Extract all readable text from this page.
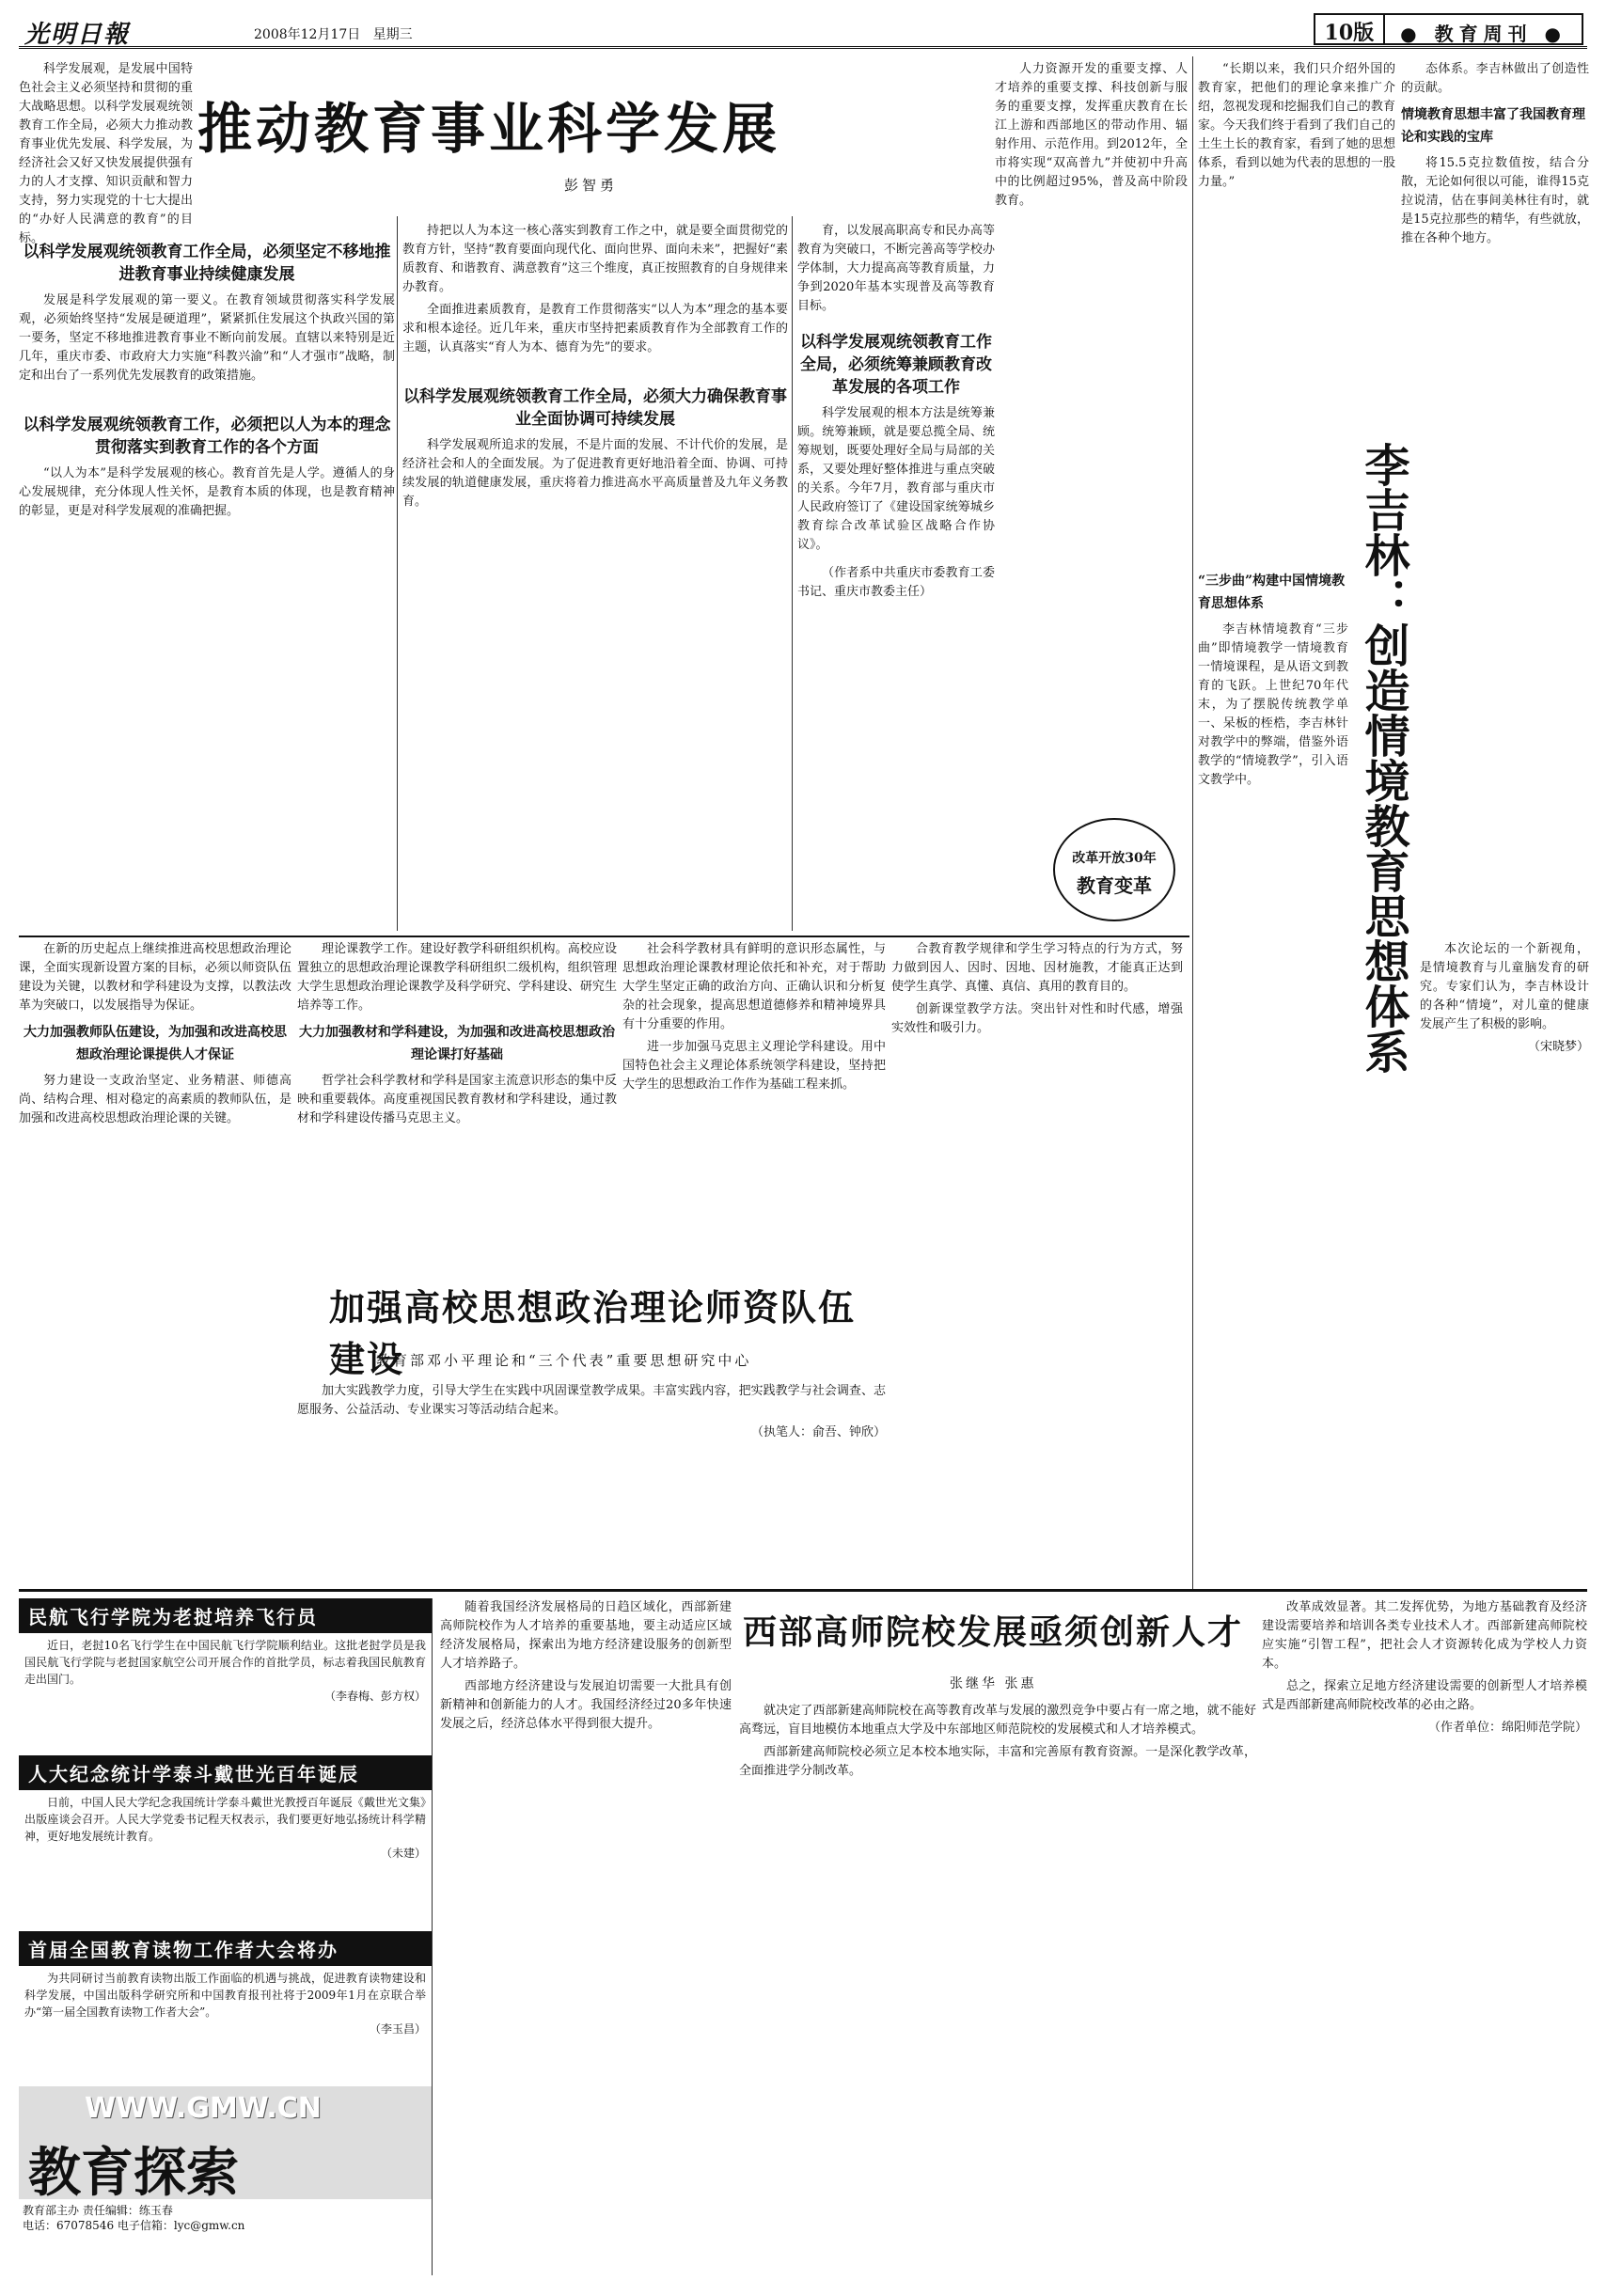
光明日報	2008年12月17日 星期三	10版	● 教育周刊 ●
推动教育事业科学发展
彭智勇

科学发展观，是发展中国特色社会主义必须坚持和贯彻的重大战略思想。以科学发展观统领教育工作全局，必须大力推动教育事业优先发展、科学发展，为经济社会又好又快发展提供强有力的人才支撑、知识贡献和智力支持，努力实现党的十七大提出的“办好人民满意的教育”的目标。

以科学发展观统领教育工作全局，必须坚定不移地推进教育事业持续健康发展

发展是科学发展观的第一要义。在教育领域贯彻落实科学发展观，必须始终坚持“发展是硬道理”，紧紧抓住发展这个执政兴国的第一要务，坚定不移地推进教育事业不断向前发展。直辖以来特别是近几年，重庆市委、市政府大力实施“科教兴渝”和“人才强市”战略，制定和出台了一系列优先发展教育的政策措施。

以科学发展观统领教育工作，必须把以人为本的理念贯彻落实到教育工作的各个方面

“以人为本”是科学发展观的核心。教育首先是人学。遵循人的身心发展规律，充分体现人性关怀，是教育本质的体现，也是教育精神的彰显，更是对科学发展观的准确把握。

持把以人为本这一核心落实到教育工作之中，就是要全面贯彻党的教育方针，坚持“教育要面向现代化、面向世界、面向未来”，把握好“素质教育、和谐教育、满意教育”这三个维度，真正按照教育的自身规律来办教育。

全面推进素质教育，是教育工作贯彻落实“以人为本”理念的基本要求和根本途径。近几年来，重庆市坚持把素质教育作为全部教育工作的主题，认真落实“育人为本、德育为先”的要求。

以科学发展观统领教育工作全局，必须大力确保教育事业全面协调可持续发展

科学发展观所追求的发展，不是片面的发展、不计代价的发展，是经济社会和人的全面发展。为了促进教育更好地沿着全面、协调、可持续发展的轨道健康发展，重庆将着力推进高水平高质量普及九年义务教育。

育，以发展高职高专和民办高等教育为突破口，不断完善高等学校办学体制，大力提高高等教育质量，力争到2020年基本实现普及高等教育目标。

以科学发展观统领教育工作全局，必须统筹兼顾教育改革发展的各项工作

科学发展观的根本方法是统筹兼顾。统筹兼顾，就是要总揽全局、统筹规划，既要处理好全局与局部的关系，又要处理好整体推进与重点突破的关系。今年7月，教育部与重庆市人民政府签订了《建设国家统筹城乡教育综合改革试验区战略合作协议》。

（作者系中共重庆市委教育工委书记、重庆市教委主任）

人力资源开发的重要支撑、人才培养的重要支撑、科技创新与服务的重要支撑，发挥重庆教育在长江上游和西部地区的带动作用、辐射作用、示范作用。到2012年，全市将实现“双高普九”并使初中升高中的比例超过95%，普及高中阶段教育。

改革开放30年
教育变革

“长期以来，我们只介绍外国的教育家，把他们的理论拿来推广介绍，忽视发现和挖掘我们自己的教育家。今天我们终于看到了我们自己的土生土长的教育家，看到了她的思想体系，看到以她为代表的思想的一股力量。”

态体系。李吉林做出了创造性的贡献。

情境教育思想丰富了我国教育理论和实践的宝库

将15.5克拉数值按，结合分散，无论如何很以可能，谁得15克拉说清，估在事间美林往有时，就是15克拉那些的精华，有些就放，推在各种个地方。

李吉林：创造情境教育思想体系
“三步曲”构建中国情境教育思想体系

李吉林情境教育“三步曲”即情境教学一情境教育一情境课程，是从语文到教育的飞跃。上世纪70年代末，为了摆脱传统教学单一、呆板的桎梏，李吉林针对教学中的弊端，借鉴外语教学的“情境教学”，引入语文教学中。

本次论坛的一个新视角，是情境教育与儿童脑发育的研究。专家们认为，李吉林设计的各种“情境”，对儿童的健康发展产生了积极的影响。

（宋晓梦）

加强高校思想政治理论师资队伍建设
教育部邓小平理论和“三个代表”重要思想研究中心

在新的历史起点上继续推进高校思想政治理论课，全面实现新设置方案的目标，必须以师资队伍建设为关键，以教材和学科建设为支撑，以教法改革为突破口，以发展指导为保证。

大力加强教师队伍建设，为加强和改进高校思想政治理论课提供人才保证

努力建设一支政治坚定、业务精湛、师德高尚、结构合理、相对稳定的高素质的教师队伍，是加强和改进高校思想政治理论课的关键。

理论课教学工作。建设好教学科研组织机构。高校应设置独立的思想政治理论课教学科研组织二级机构，组织管理大学生思想政治理论课教学及科学研究、学科建设、研究生培养等工作。

大力加强教材和学科建设，为加强和改进高校思想政治理论课打好基础

哲学社会科学教材和学科是国家主流意识形态的集中反映和重要载体。高度重视国民教育教材和学科建设，通过教材和学科建设传播马克思主义。

社会科学教材具有鲜明的意识形态属性，与思想政治理论课教材理论依托和补充，对于帮助大学生坚定正确的政治方向、正确认识和分析复杂的社会现象，提高思想道德修养和精神境界具有十分重要的作用。

进一步加强马克思主义理论学科建设。用中国特色社会主义理论体系统领学科建设，坚持把大学生的思想政治工作作为基础工程来抓。

合教育教学规律和学生学习特点的行为方式，努力做到因人、因时、因地、因材施教，才能真正达到使学生真学、真懂、真信、真用的教育目的。

创新课堂教学方法。突出针对性和时代感，增强实效性和吸引力。

加大实践教学力度，引导大学生在实践中巩固课堂教学成果。丰富实践内容，把实践教学与社会调查、志愿服务、公益活动、专业课实习等活动结合起来。

（执笔人：俞吾、钟欣）

民航飞行学院为老挝培养飞行员

近日，老挝10名飞行学生在中国民航飞行学院顺利结业。这批老挝学员是我国民航飞行学院与老挝国家航空公司开展合作的首批学员，标志着我国民航教育走出国门。

（李春梅、彭方权）

人大纪念统计学泰斗戴世光百年诞辰

日前，中国人民大学纪念我国统计学泰斗戴世光教授百年诞辰《戴世光文集》出版座谈会召开。人民大学党委书记程天权表示，我们要更好地弘扬统计科学精神，更好地发展统计教育。

（未建）

首届全国教育读物工作者大会将办

为共同研讨当前教育读物出版工作面临的机遇与挑战，促进教育读物建设和科学发展，中国出版科学研究所和中国教育报刊社将于2009年1月在京联合举办“第一届全国教育读物工作者大会”。

（李玉昌）

WWW.GMW.CN
教育探索
教育部主办 责任编辑：练玉春
电话：67078546 电子信箱：lyc@gmw.cn
西部高师院校发展亟须创新人才
张继华 张惠

随着我国经济发展格局的日趋区域化，西部新建高师院校作为人才培养的重要基地，要主动适应区域经济发展格局，探索出为地方经济建设服务的创新型人才培养路子。

西部地方经济建设与发展迫切需要一大批具有创新精神和创新能力的人才。我国经济经过20多年快速发展之后，经济总体水平得到很大提升。

就决定了西部新建高师院校在高等教育改革与发展的激烈竞争中要占有一席之地，就不能好高骛远，盲目地模仿本地重点大学及中东部地区师范院校的发展模式和人才培养模式。

西部新建高师院校必须立足本校本地实际，丰富和完善原有教育资源。一是深化教学改革，全面推进学分制改革。

改革成效显著。其二发挥优势，为地方基础教育及经济建设需要培养和培训各类专业技术人才。西部新建高师院校应实施“引智工程”，把社会人才资源转化成为学校人力资本。

总之，探索立足地方经济建设需要的创新型人才培养模式是西部新建高师院校改革的必由之路。

（作者单位：绵阳师范学院）
